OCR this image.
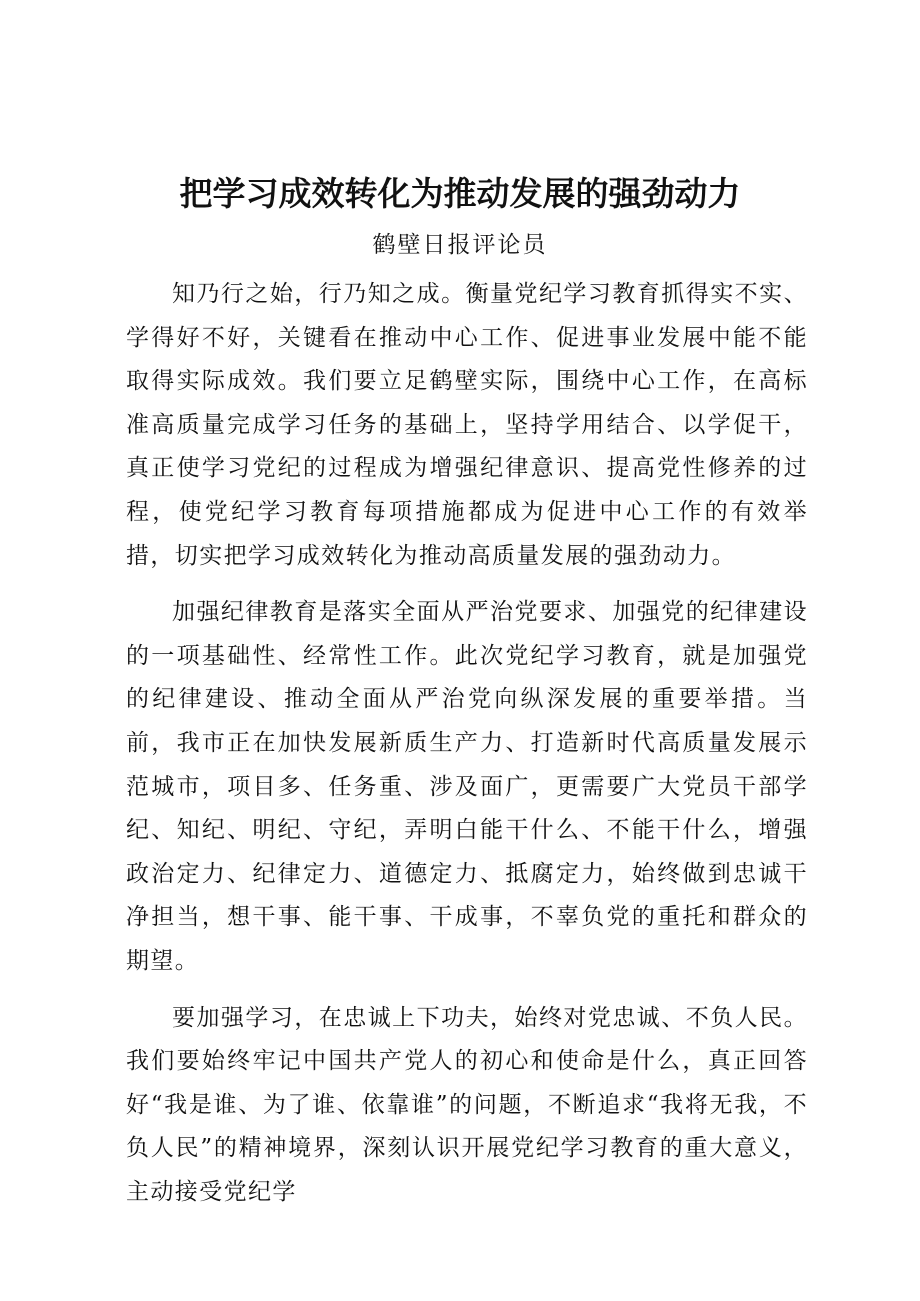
把学习成效转化为推动发展的强劲动力

鹤壁日报评论员

知乃行之始，行乃知之成。衡量党纪学习教育抓得实不实、学得好不好，关键看在推动中心工作、促进事业发展中能不能取得实际成效。我们要立足鹤壁实际，围绕中心工作，在高标准高质量完成学习任务的基础上，坚持学用结合、以学促干，真正使学习党纪的过程成为增强纪律意识、提高党性修养的过程，使党纪学习教育每项措施都成为促进中心工作的有效举措，切实把学习成效转化为推动高质量发展的强劲动力。

加强纪律教育是落实全面从严治党要求、加强党的纪律建设的一项基础性、经常性工作。此次党纪学习教育，就是加强党的纪律建设、推动全面从严治党向纵深发展的重要举措。当前，我市正在加快发展新质生产力、打造新时代高质量发展示范城市，项目多、任务重、涉及面广，更需要广大党员干部学纪、知纪、明纪、守纪，弄明白能干什么、不能干什么，增强政治定力、纪律定力、道德定力、抵腐定力，始终做到忠诚干净担当，想干事、能干事、干成事，不辜负党的重托和群众的期望。

要加强学习，在忠诚上下功夫，始终对党忠诚、不负人民。我们要始终牢记中国共产党人的初心和使命是什么，真正回答好“我是谁、为了谁、依靠谁”的问题，不断追求“我将无我，不负人民”的精神境界，深刻认识开展党纪学习教育的重大意义，主动接受党纪学
